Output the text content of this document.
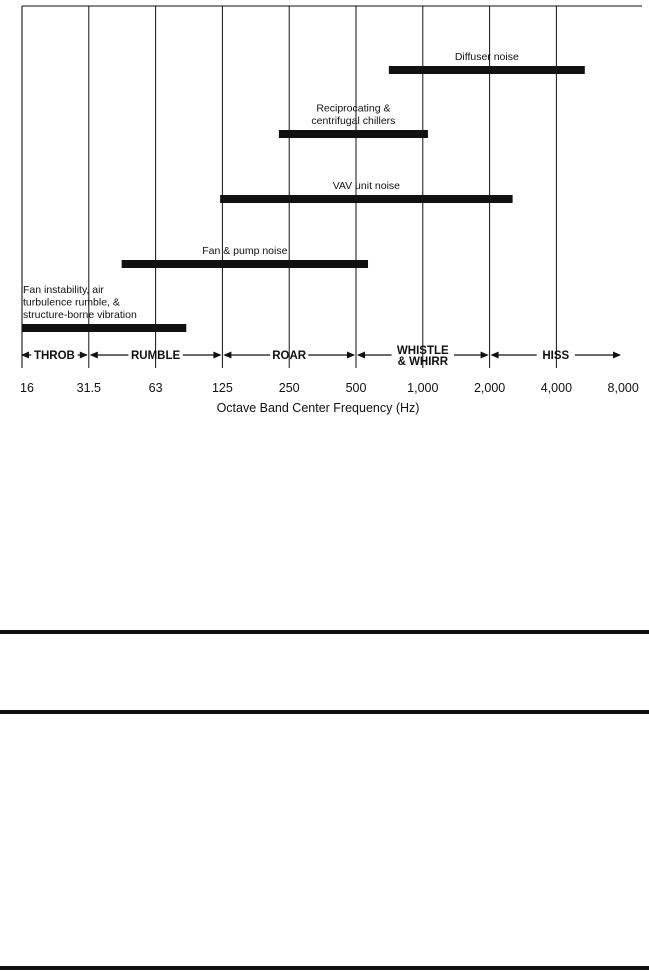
Diffuser noise
Reciprocating & centrifugal chillers
VAV unit noise
Fan & pump noise
Fan instability, air turbulence rumble, & structure-borne vibration
THROB	RUMBLE	ROAR	WHISTLE & WHIRR	HISS
16	31.5	63	125	250	500	1,000	2,000	4,000	8,000
Octave Band Center Frequency (Hz)
